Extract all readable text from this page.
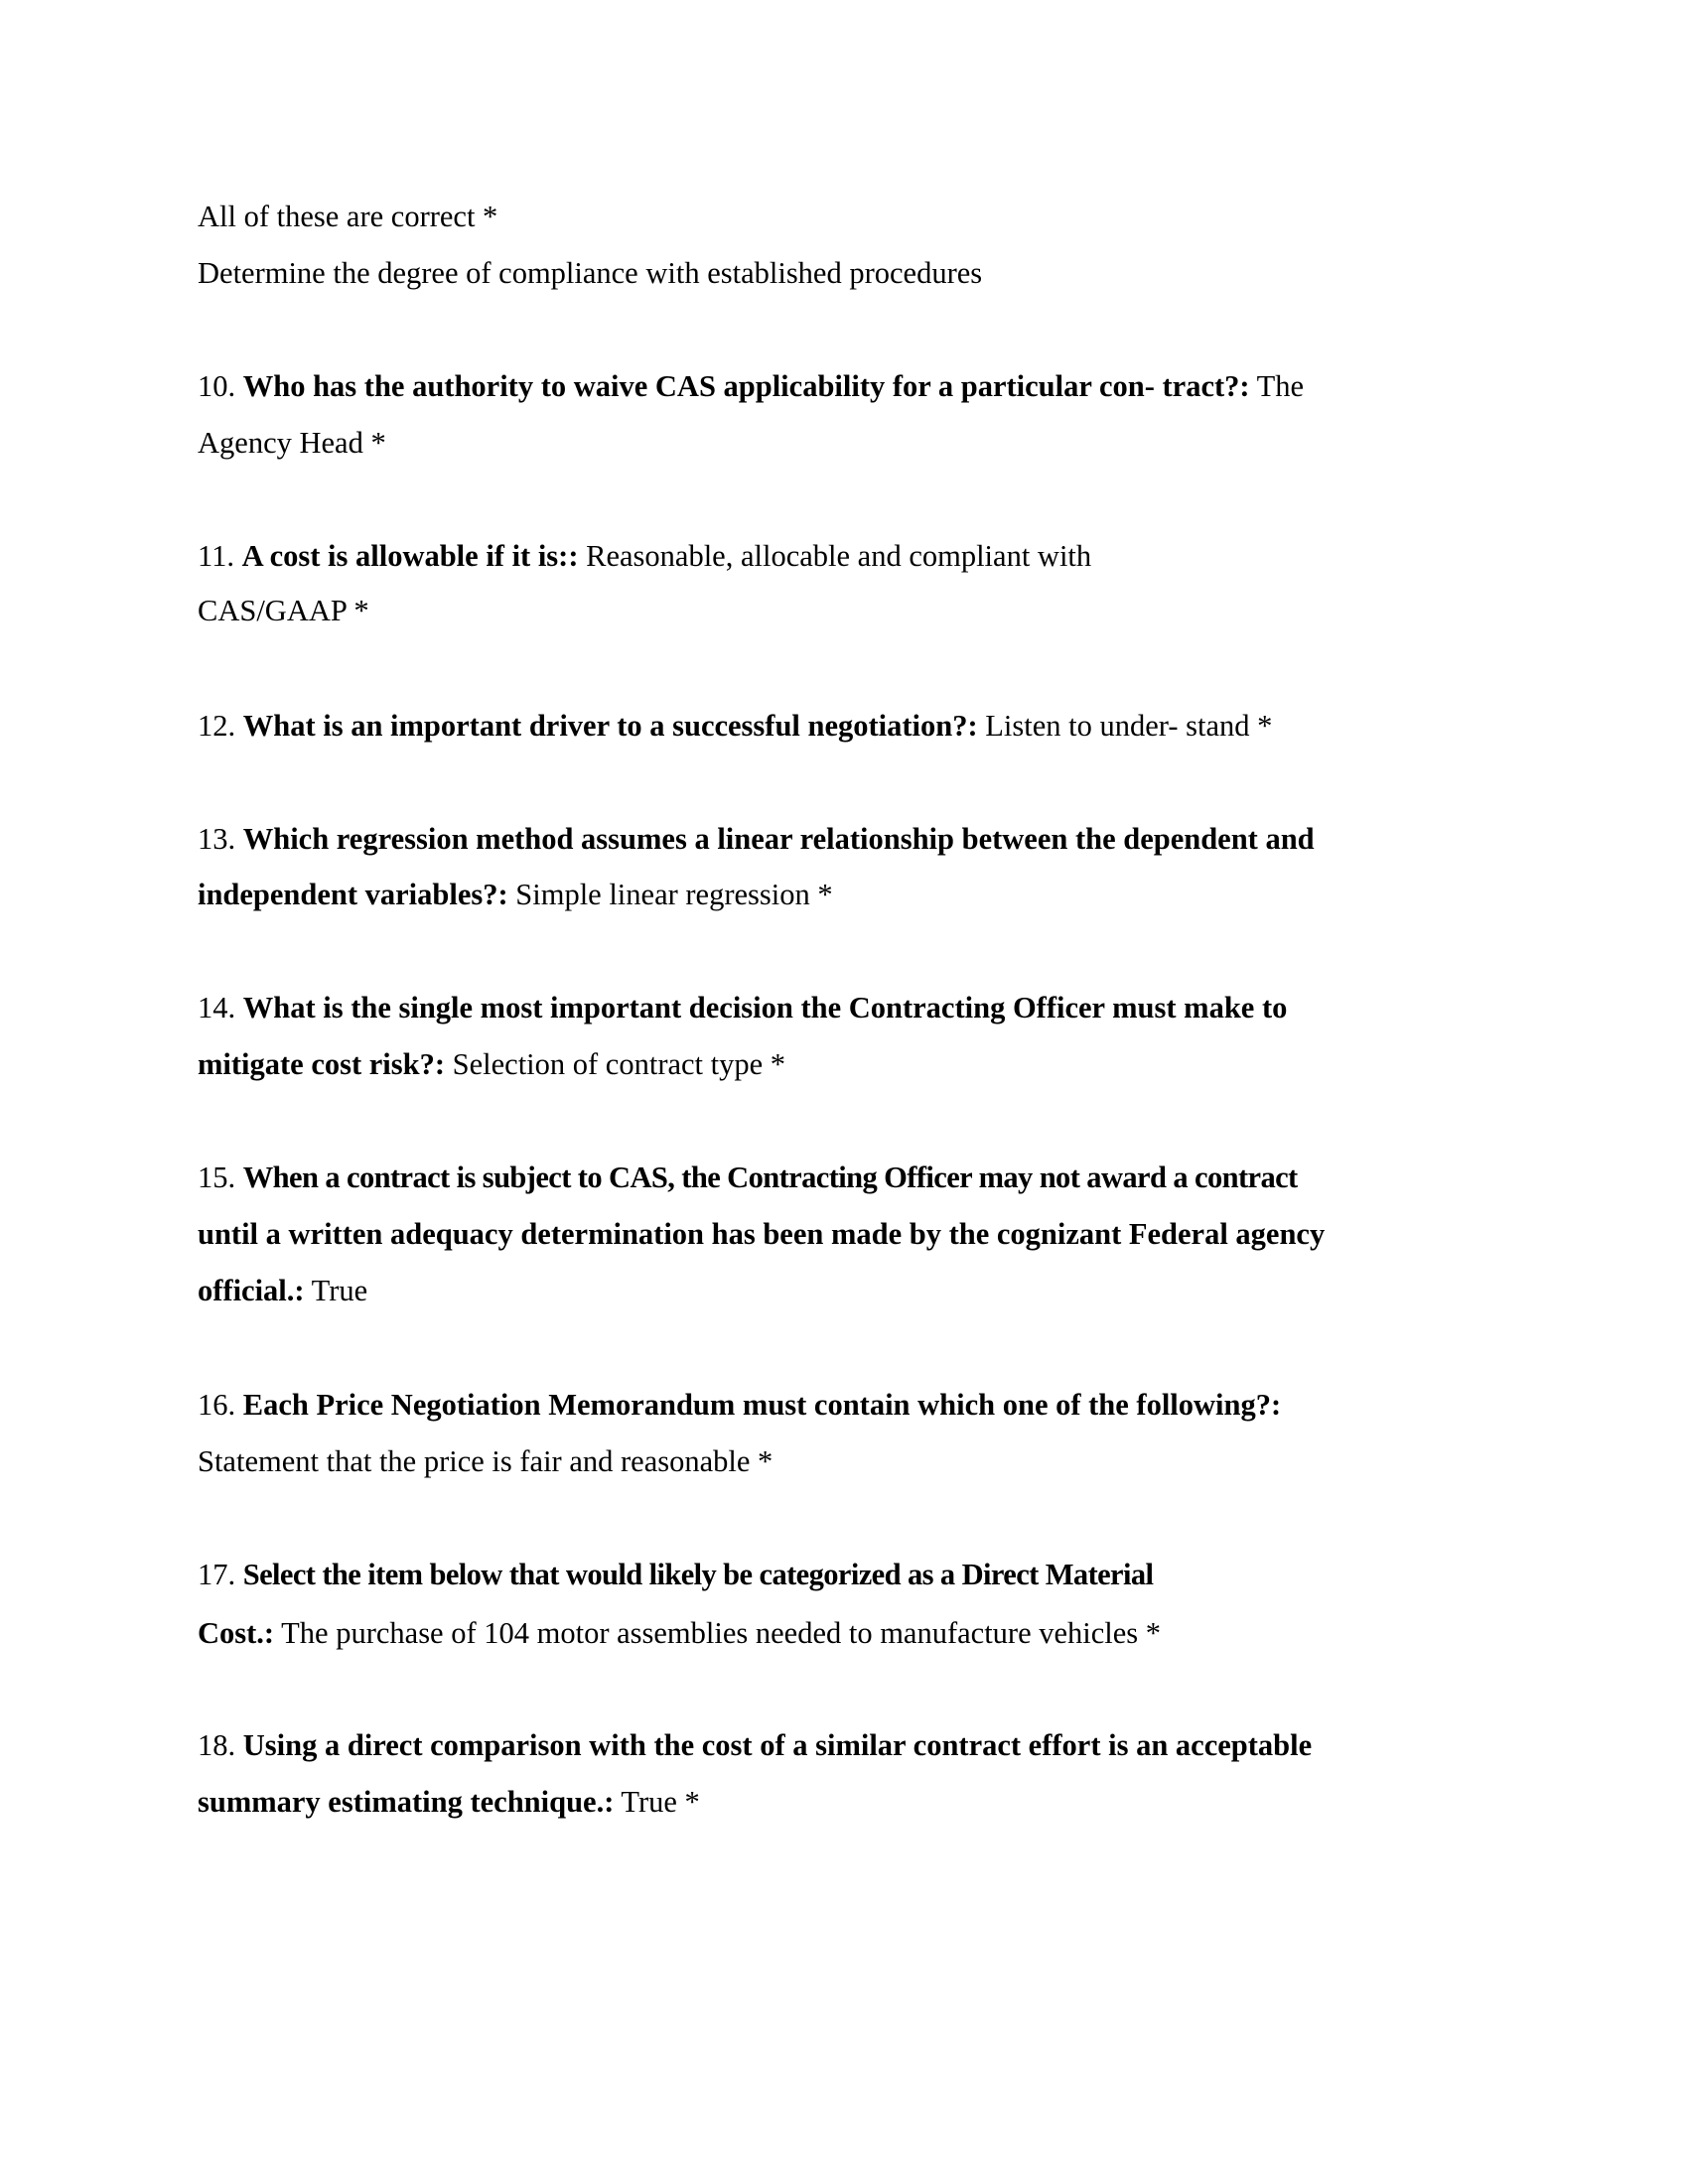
All of these are correct *
Determine the degree of compliance with established procedures
10. Who has the authority to waive CAS applicability for a particular con- tract?: The
Agency Head *
11. A cost is allowable if it is:: Reasonable, allocable and compliant with
CAS/GAAP *
12. What is an important driver to a successful negotiation?: Listen to under- stand *
13. Which regression method assumes a linear relationship between the dependent and
independent variables?: Simple linear regression *
14. What is the single most important decision the Contracting Officer must make to
mitigate cost risk?: Selection of contract type *
15. When a contract is subject to CAS, the Contracting Officer may not award a contract
until a written adequacy determination has been made by the cognizant Federal agency
official.: True
16. Each Price Negotiation Memorandum must contain which one of the following?:
Statement that the price is fair and reasonable *
17. Select the item below that would likely be categorized as a Direct Material
Cost.: The purchase of 104 motor assemblies needed to manufacture vehicles *
18. Using a direct comparison with the cost of a similar contract effort is an acceptable
summary estimating technique.: True *
